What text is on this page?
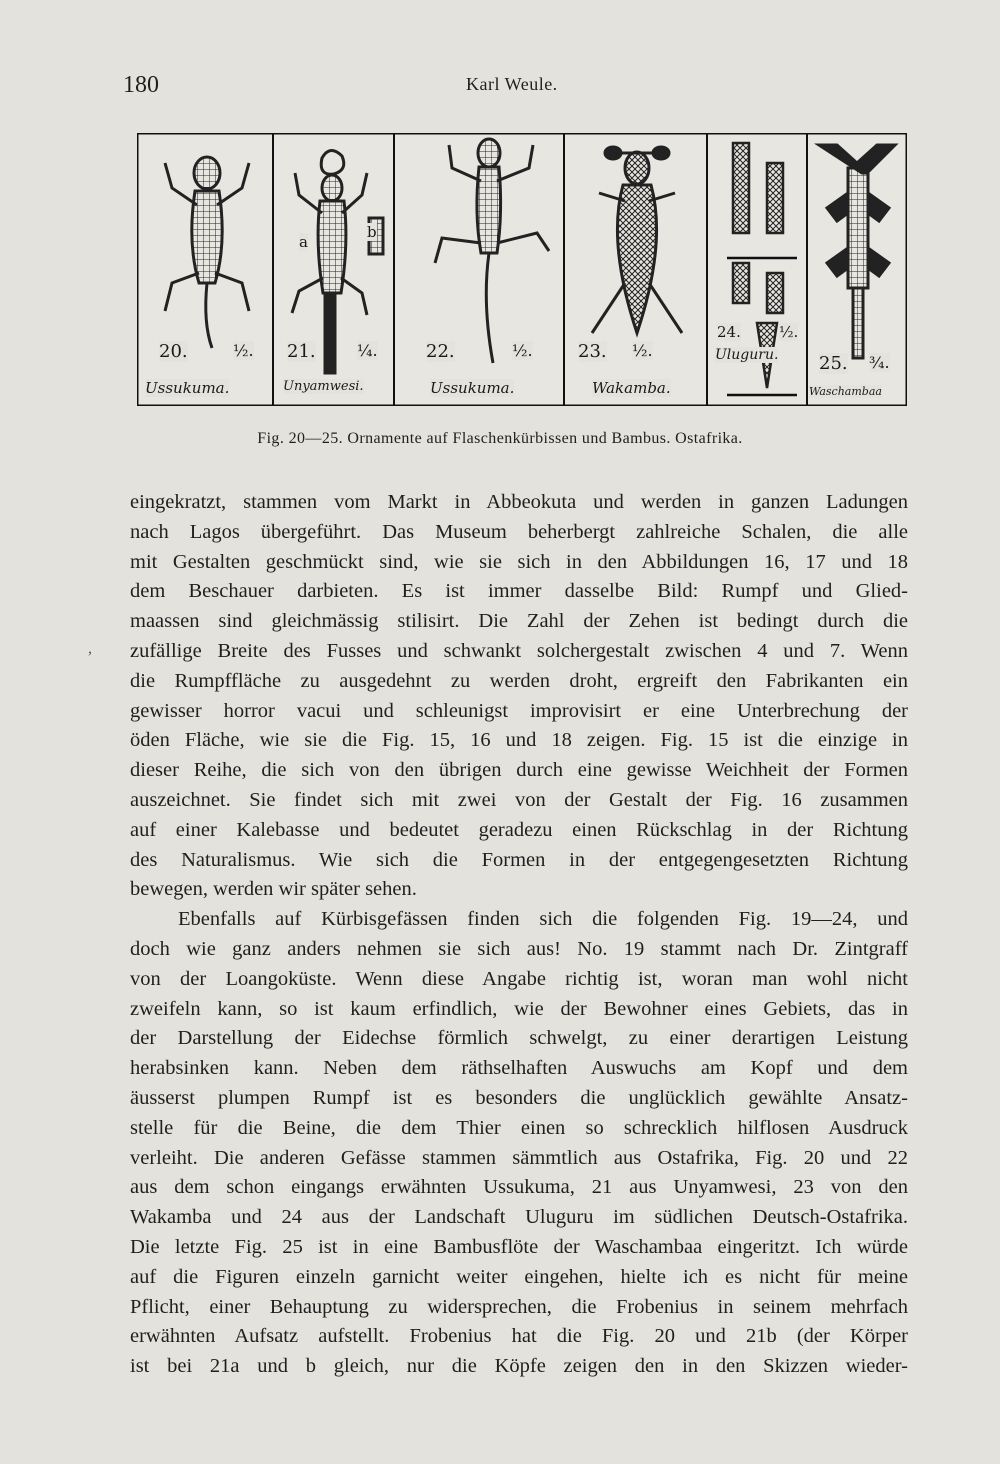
180	Karl Weule.
20.	½.
Ussukuma.
a
b
21.	¼.
Unyamwesi.
22.	½.
Ussukuma.
23. ½.
Wakamba.
24.	½.
Uluguru. 25. ¾.
Waschambaa
Fig. 20—25. Ornamente auf Flaschenkürbissen und Bambus. Ostafrika.
,
eingekratzt, stammen vom Markt in Abbeokuta und werden in ganzen Ladungen
nach Lagos übergeführt. Das Museum beherbergt zahlreiche Schalen, die alle
mit Gestalten geschmückt sind, wie sie sich in den Abbildungen 16, 17 und 18
dem Beschauer darbieten. Es ist immer dasselbe Bild: Rumpf und Glied-
maassen sind gleichmässig stilisirt. Die Zahl der Zehen ist bedingt durch die
zufällige Breite des Fusses und schwankt solchergestalt zwischen 4 und 7. Wenn
die Rumpffläche zu ausgedehnt zu werden droht, ergreift den Fabrikanten ein
gewisser horror vacui und schleunigst improvisirt er eine Unterbrechung der
öden Fläche, wie sie die Fig. 15, 16 und 18 zeigen. Fig. 15 ist die einzige in
dieser Reihe, die sich von den übrigen durch eine gewisse Weichheit der Formen
auszeichnet. Sie findet sich mit zwei von der Gestalt der Fig. 16 zusammen
auf einer Kalebasse und bedeutet geradezu einen Rückschlag in der Richtung
des Naturalismus. Wie sich die Formen in der entgegengesetzten Richtung
bewegen, werden wir später sehen.
Ebenfalls auf Kürbisgefässen finden sich die folgenden Fig. 19—24, und
doch wie ganz anders nehmen sie sich aus! No. 19 stammt nach Dr. Zintgraff
von der Loangoküste. Wenn diese Angabe richtig ist, woran man wohl nicht
zweifeln kann, so ist kaum erfindlich, wie der Bewohner eines Gebiets, das in
der Darstellung der Eidechse förmlich schwelgt, zu einer derartigen Leistung
herabsinken kann. Neben dem räthselhaften Auswuchs am Kopf und dem
äusserst plumpen Rumpf ist es besonders die unglücklich gewählte Ansatz-
stelle für die Beine, die dem Thier einen so schrecklich hilflosen Ausdruck
verleiht. Die anderen Gefässe stammen sämmtlich aus Ostafrika, Fig. 20 und 22
aus dem schon eingangs erwähnten Ussukuma, 21 aus Unyamwesi, 23 von den
Wakamba und 24 aus der Landschaft Uluguru im südlichen Deutsch-Ostafrika.
Die letzte Fig. 25 ist in eine Bambusflöte der Waschambaa eingeritzt. Ich würde
auf die Figuren einzeln garnicht weiter eingehen, hielte ich es nicht für meine
Pflicht, einer Behauptung zu widersprechen, die Frobenius in seinem mehrfach
erwähnten Aufsatz aufstellt. Frobenius hat die Fig. 20 und 21b (der Körper
ist bei 21a und b gleich, nur die Köpfe zeigen den in den Skizzen wieder-
